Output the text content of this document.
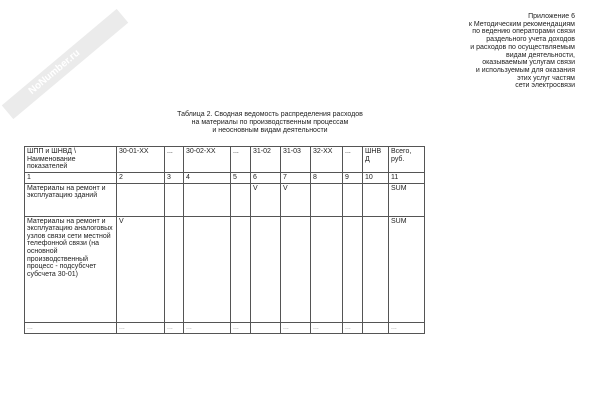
NoNumber.ru
Приложение 6
к Методическим рекомендациям
по ведению операторами связи
раздельного учета доходов
и расходов по осуществляемым
видам деятельности,
оказываемым услугам связи
и используемым для оказания
этих услуг частям
сети электросвязи
Таблица 2. Сводная ведомость распределения расходов
на материалы по производственным процессам
и неосновным видам деятельности
ШПП и ШНВД \ Наименование показателей	30-01-XX	...	30-02-XX	...	31-02	31-03	32-XX	...	ШНВ Д	Всего, руб.
1	2	3	4	5	6	7	8	9	10	11
Материалы на ремонт и эксплуатацию зданий					V	V				SUM
Материалы на ремонт и эксплуатацию аналоговых узлов связи сети местной телефонной связи (на основной производственный процесс - подсубсчет субсчета 30-01)	V									SUM
...	...	...	...	...		...	...	...		...
